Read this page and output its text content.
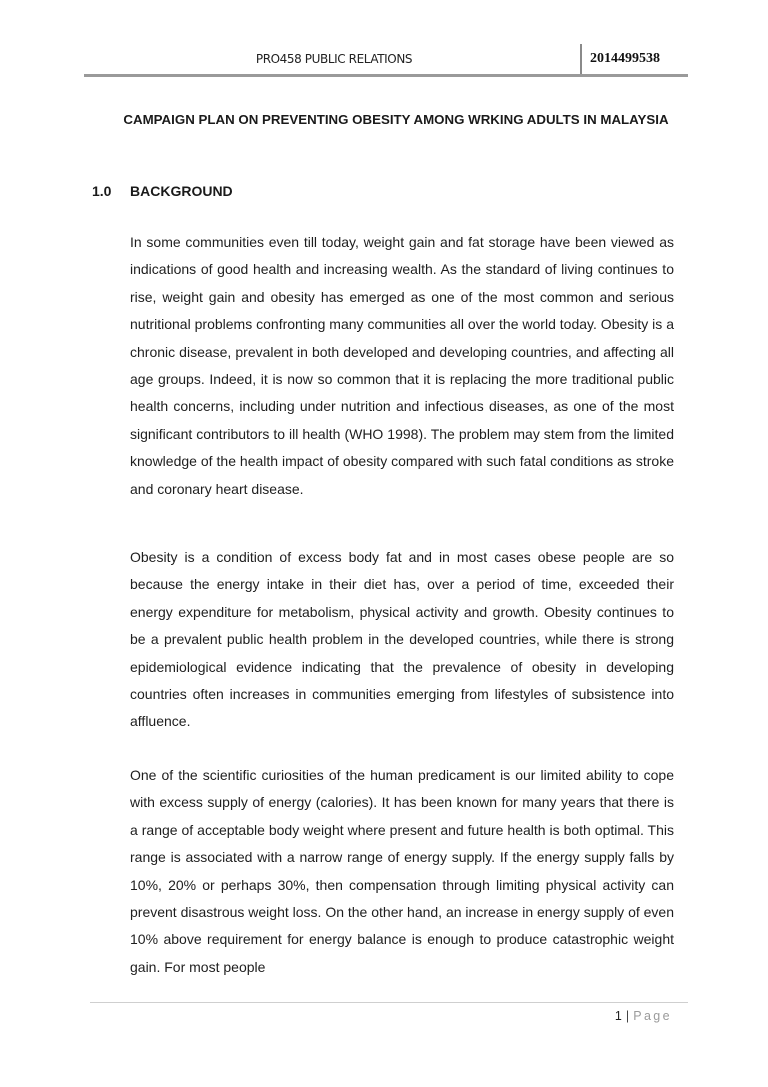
PRO458 PUBLIC RELATIONS	2014499538
CAMPAIGN PLAN ON PREVENTING OBESITY AMONG WRKING ADULTS IN MALAYSIA
1.0 BACKGROUND

In some communities even till today, weight gain and fat storage have been viewed as indications of good health and increasing wealth. As the standard of living continues to rise, weight gain and obesity has emerged as one of the most common and serious nutritional problems confronting many communities all over the world today. Obesity is a chronic disease, prevalent in both developed and developing countries, and affecting all age groups. Indeed, it is now so common that it is replacing the more traditional public health concerns, including under nutrition and infectious diseases, as one of the most significant contributors to ill health (WHO 1998). The problem may stem from the limited knowledge of the health impact of obesity compared with such fatal conditions as stroke and coronary heart disease.

Obesity is a condition of excess body fat and in most cases obese people are so because the energy intake in their diet has, over a period of time, exceeded their energy expenditure for metabolism, physical activity and growth. Obesity continues to be a prevalent public health problem in the developed countries, while there is strong epidemiological evidence indicating that the prevalence of obesity in developing countries often increases in communities emerging from lifestyles of subsistence into affluence.

One of the scientific curiosities of the human predicament is our limited ability to cope with excess supply of energy (calories). It has been known for many years that there is a range of acceptable body weight where present and future health is both optimal. This range is associated with a narrow range of energy supply. If the energy supply falls by 10%, 20% or perhaps 30%, then compensation through limiting physical activity can prevent disastrous weight loss. On the other hand, an increase in energy supply of even 10% above requirement for energy balance is enough to produce catastrophic weight gain. For most people

1 | Page
